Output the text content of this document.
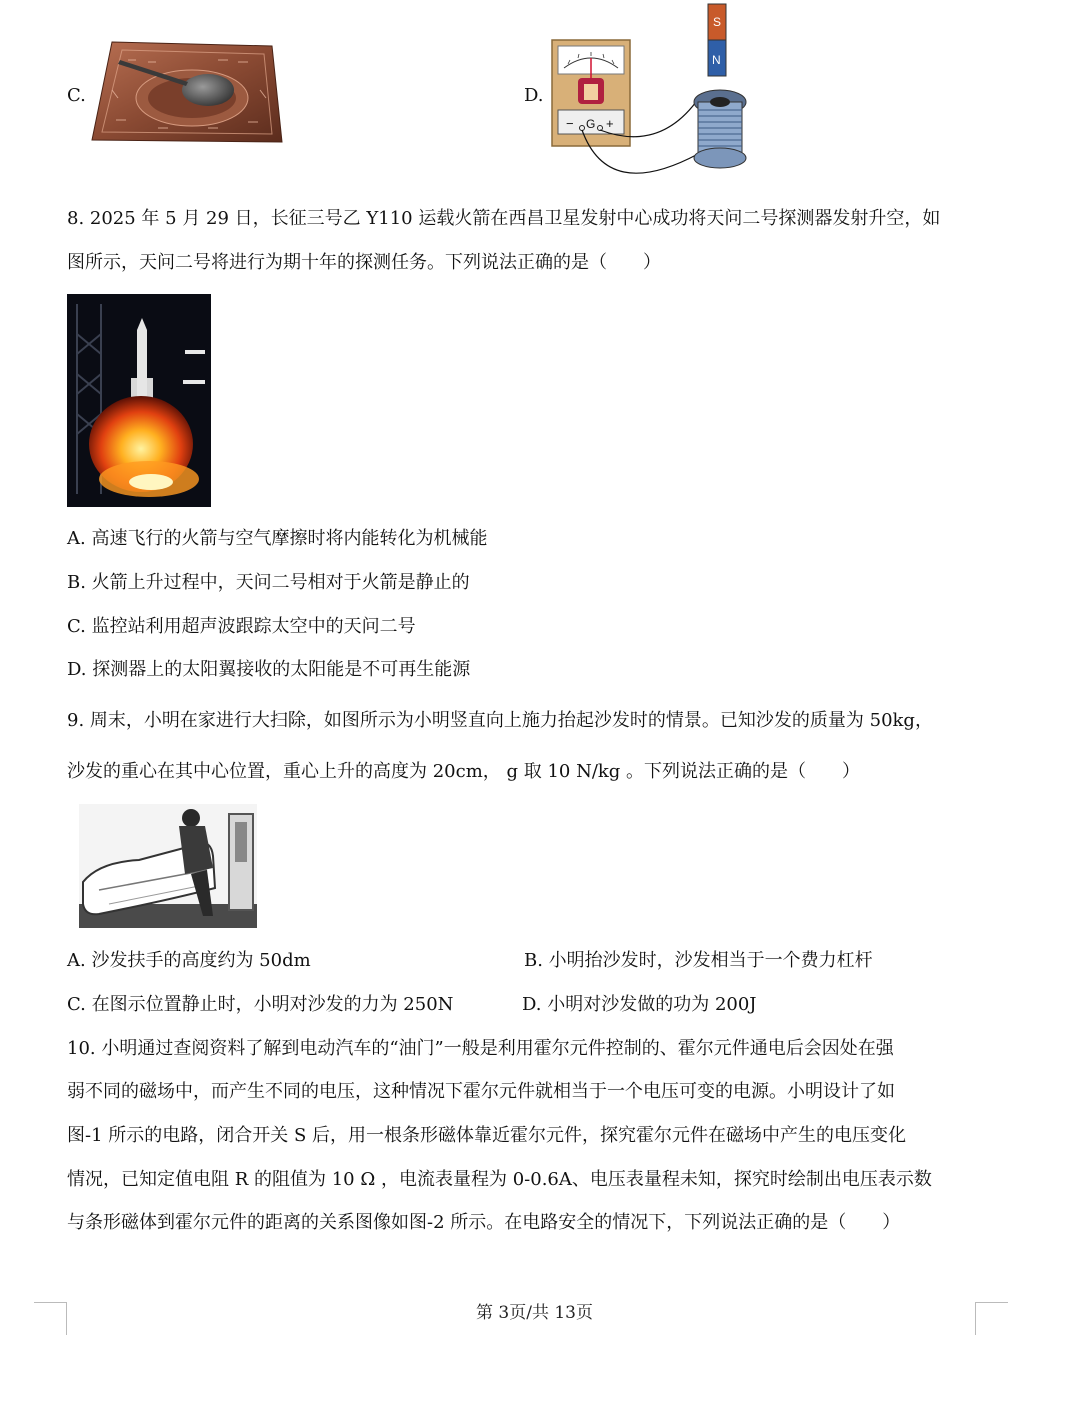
C.	D.
− G +
S
N
8. 2025 年 5 月 29 日，长征三号乙 Y110 运载火箭在西昌卫星发射中心成功将天问二号探测器发射升空，如
图所示，天问二号将进行为期十年的探测任务。下列说法正确的是（　　）
A. 高速飞行的火箭与空气摩擦时将内能转化为机械能
B. 火箭上升过程中，天问二号相对于火箭是静止的
C. 监控站利用超声波跟踪太空中的天问二号
D. 探测器上的太阳翼接收的太阳能是不可再生能源
9. 周末，小明在家进行大扫除，如图所示为小明竖直向上施力抬起沙发时的情景。已知沙发的质量为 50kg，
沙发的重心在其中心位置，重心上升的高度为 20cm， g 取 10 N/kg 。下列说法正确的是（　　）
A. 沙发扶手的高度约为 50dm	B. 小明抬沙发时，沙发相当于一个费力杠杆
C. 在图示位置静止时，小明对沙发的力为 250N	D. 小明对沙发做的功为 200J
10. 小明通过查阅资料了解到电动汽车的“油门”一般是利用霍尔元件控制的、霍尔元件通电后会因处在强
弱不同的磁场中，而产生不同的电压，这种情况下霍尔元件就相当于一个电压可变的电源。小明设计了如
图-1 所示的电路，闭合开关 S 后，用一根条形磁体靠近霍尔元件，探究霍尔元件在磁场中产生的电压变化
情况，已知定值电阻 R 的阻值为 10 Ω ，电流表量程为 0-0.6A、电压表量程未知，探究时绘制出电压表示数
与条形磁体到霍尔元件的距离的关系图像如图-2 所示。在电路安全的情况下，下列说法正确的是（　　）
第 3页/共 13页
